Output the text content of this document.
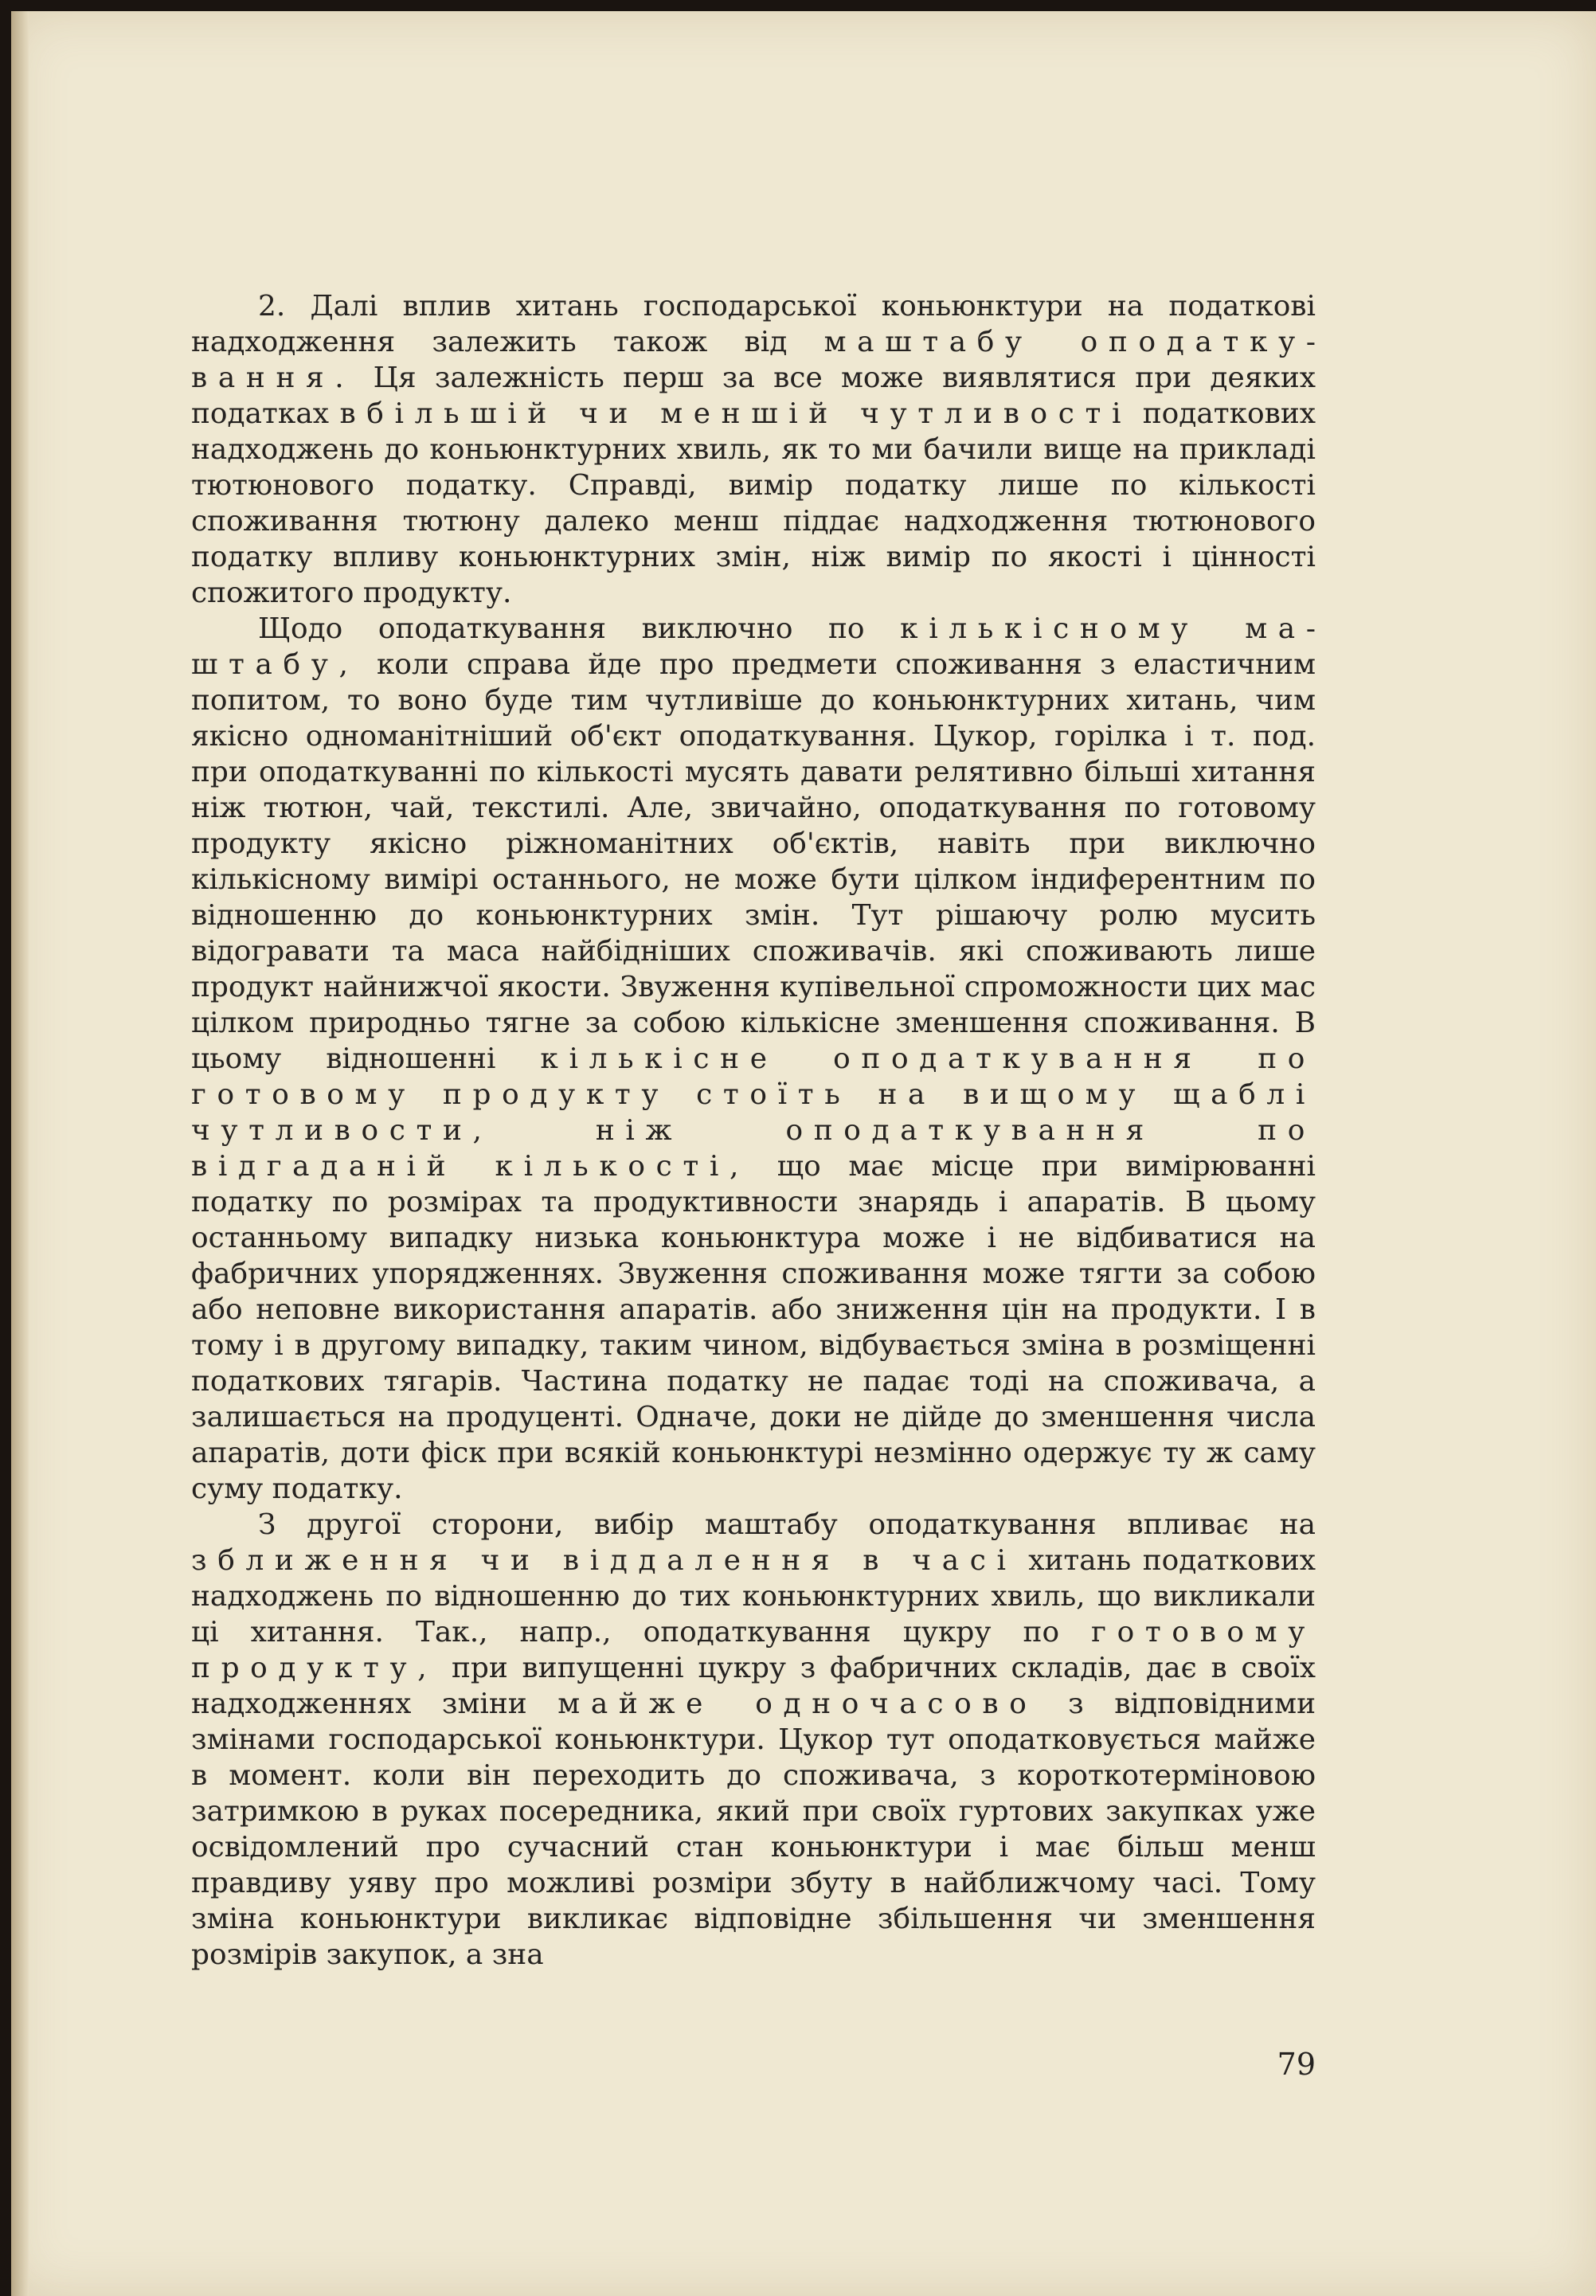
2. Далі вплив хитань господарської коньюнктури на податкові надходження залежить також від маштабу оподаткування. Ця залежність перш за все може виявлятися при деяких податках в більшій чи меншій чутливості податкових надходжень до коньюнктурних хвиль, як то ми бачили вище на прикладі тютюнового податку. Справді, вимір податку лише по кількості споживання тютюну далеко менш піддає надходження тютюнового податку впливу коньюнктурних змін, ніж вимір по якості і цінності спожитого продукту.

Щодо оподаткування виключно по кількісному маштабу, коли справа йде про предмети споживання з еластичним попитом, то воно буде тим чутливіше до коньюнктурних хитань, чим якісно одноманітніший об'єкт оподаткування. Цукор, горілка і т. под. при оподаткуванні по кількості мусять давати релятивно більші хитання ніж тютюн, чай, текстилі. Але, звичайно, оподаткування по готовому продукту якісно ріжноманітних об'єктів, навіть при виключно кількісному вимірі останнього, не може бути цілком індиферентним по відношенню до коньюнктурних змін. Тут рішаючу ролю мусить відогравати та маса найбідніших споживачів. які споживають лише продукт найнижчої якости. Звуження купівельної спроможности цих мас цілком природньо тягне за собою кількісне зменшення споживання. В цьому відношенні кількісне оподаткування по готовому продукту стоїть на вищому щаблі чутливости, ніж оподаткування по відгаданій кількості, що має місце при вимірюванні податку по розмірах та продуктивности знарядь і апаратів. В цьому останньому випадку низька коньюнктура може і не відбиватися на фабричних упорядженнях. Звуження споживання може тягти за собою або неповне використання апаратів. або зниження цін на продукти. І в тому і в другому випадку, таким чином, відбувається зміна в розміщенні податкових тягарів. Частина податку не падає тоді на споживача, а залишається на продуценті. Одначе, доки не дійде до зменшення числа апаратів, доти фіск при всякій коньюнктурі незмінно одержує ту ж саму суму податку.

З другої сторони, вибір маштабу оподаткування впливає на зближення чи віддалення в часі хитань податкових надходжень по відношенню до тих коньюнктурних хвиль, що викликали ці хитання. Так., напр., оподаткування цукру по готовому продукту, при випущенні цукру з фабричних складів, дає в своїх надходженнях зміни майже одночасово з відповідними змінами господарської коньюнктури. Цукор тут оподатковується майже в момент. коли він переходить до споживача, з короткотерміновою затримкою в руках посередника, який при своїх гуртових закупках уже освідомлений про сучасний стан коньюнктури і має більш менш правдиву уяву про можливі розміри збуту в найближчому часі. Тому зміна коньюнктури викликає відповідне збільшення чи зменшення розмірів закупок, а зна

79
